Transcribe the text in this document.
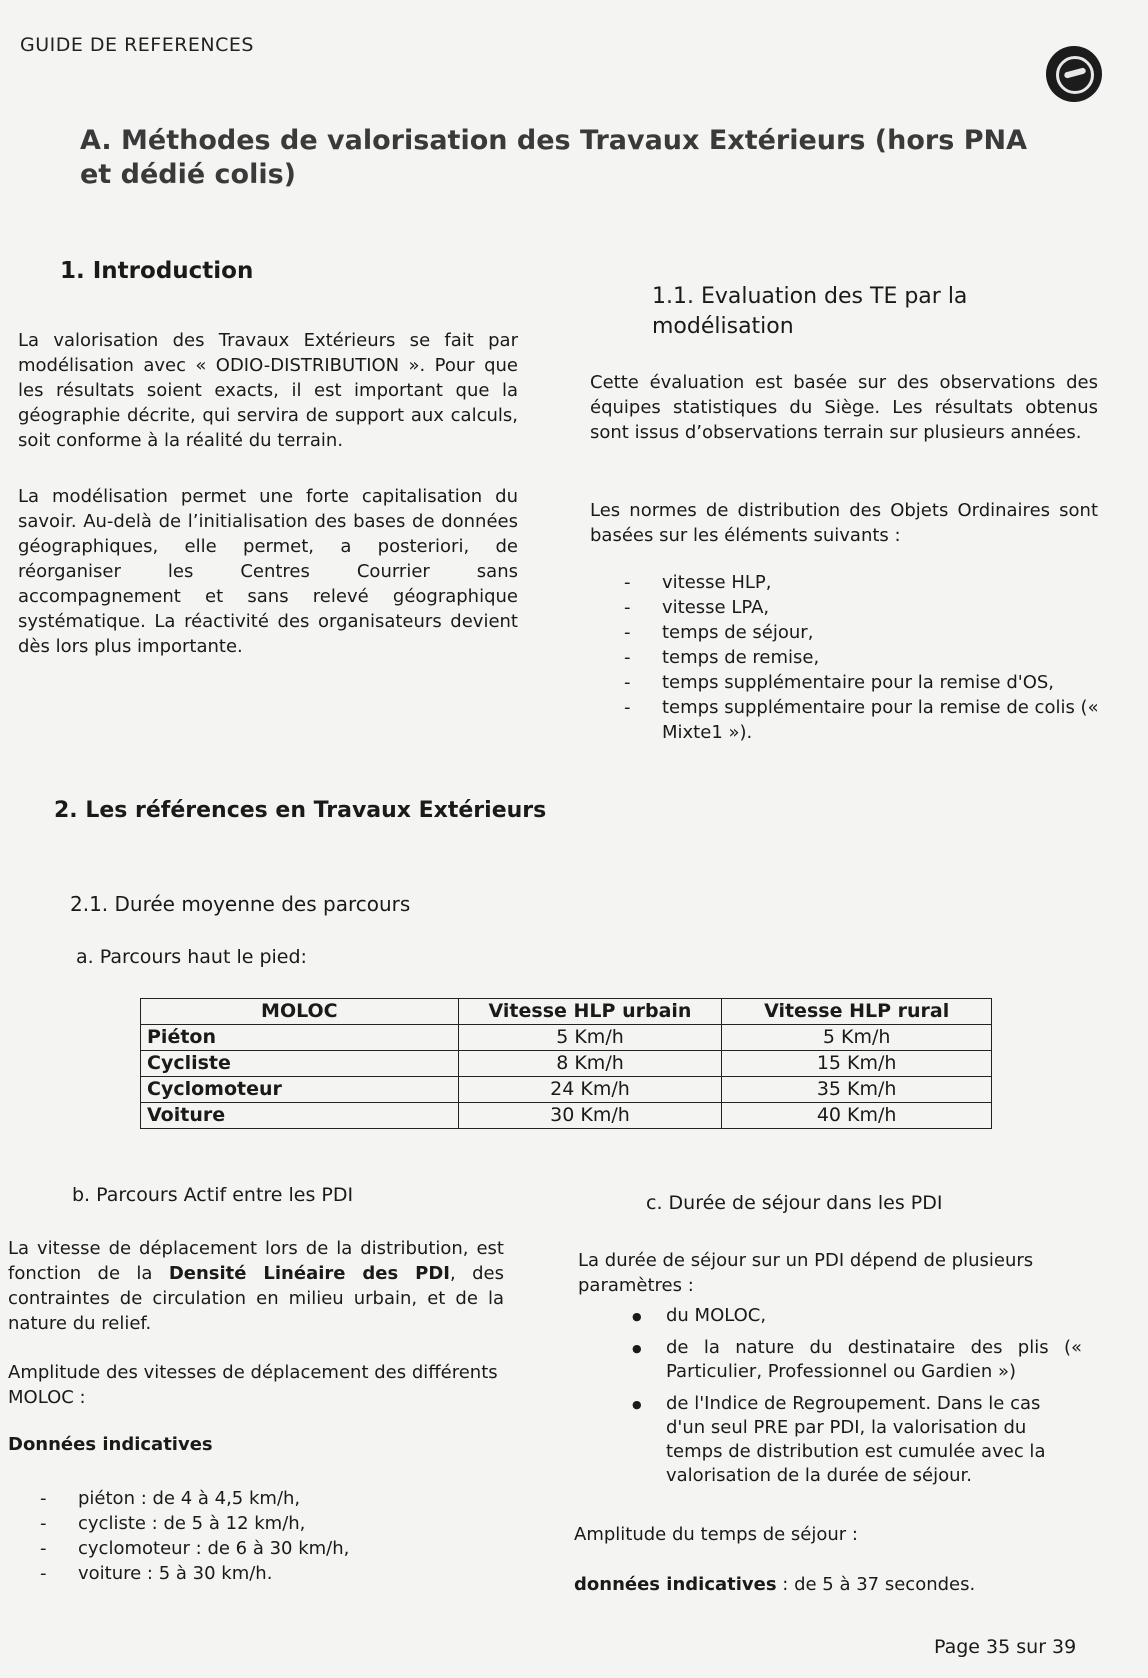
GUIDE DE REFERENCES
A. Méthodes de valorisation des Travaux Extérieurs (hors PNA et dédié colis)
1. Introduction

La valorisation des Travaux Extérieurs se fait par modélisation avec « ODIO-DISTRIBUTION ». Pour que les résultats soient exacts, il est important que la géographie décrite, qui servira de support aux calculs, soit conforme à la réalité du terrain.

La modélisation permet une forte capitalisation du savoir. Au-delà de l’initialisation des bases de données géographiques, elle permet, a posteriori, de réorganiser les Centres Courrier sans accompagnement et sans relevé géographique systématique. La réactivité des organisateurs devient dès lors plus importante.

1.1. Evaluation des TE par la modélisation

Cette évaluation est basée sur des observations des équipes statistiques du Siège. Les résultats obtenus sont issus d’observations terrain sur plusieurs années.

Les normes de distribution des Objets Ordinaires sont basées sur les éléments suivants :

- vitesse HLP,
- vitesse LPA,
- temps de séjour,
- temps de remise,
- temps supplémentaire pour la remise d'OS,
- temps supplémentaire pour la remise de colis (« Mixte1 »).
2. Les références en Travaux Extérieurs
2.1. Durée moyenne des parcours
a. Parcours haut le pied:
MOLOC	Vitesse HLP urbain	Vitesse HLP rural
Piéton	5 Km/h	5 Km/h
Cycliste	8 Km/h	15 Km/h
Cyclomoteur	24 Km/h	35 Km/h
Voiture	30 Km/h	40 Km/h
b. Parcours Actif entre les PDI

La vitesse de déplacement lors de la distribution, est fonction de la Densité Linéaire des PDI, des contraintes de circulation en milieu urbain, et de la nature du relief.

Amplitude des vitesses de déplacement des différents MOLOC :

Données indicatives
- piéton : de 4 à 4,5 km/h,
- cycliste : de 5 à 12 km/h,
- cyclomoteur : de 6 à 30 km/h,
- voiture : 5 à 30 km/h.
c. Durée de séjour dans les PDI

La durée de séjour sur un PDI dépend de plusieurs paramètres :

● du MOLOC,
● de la nature du destinataire des plis (« Particulier, Professionnel ou Gardien »)
● de l'Indice de Regroupement. Dans le cas d'un seul PRE par PDI, la valorisation du temps de distribution est cumulée avec la valorisation de la durée de séjour.

Amplitude du temps de séjour :

données indicatives : de 5 à 37 secondes.

Page 35 sur 39
